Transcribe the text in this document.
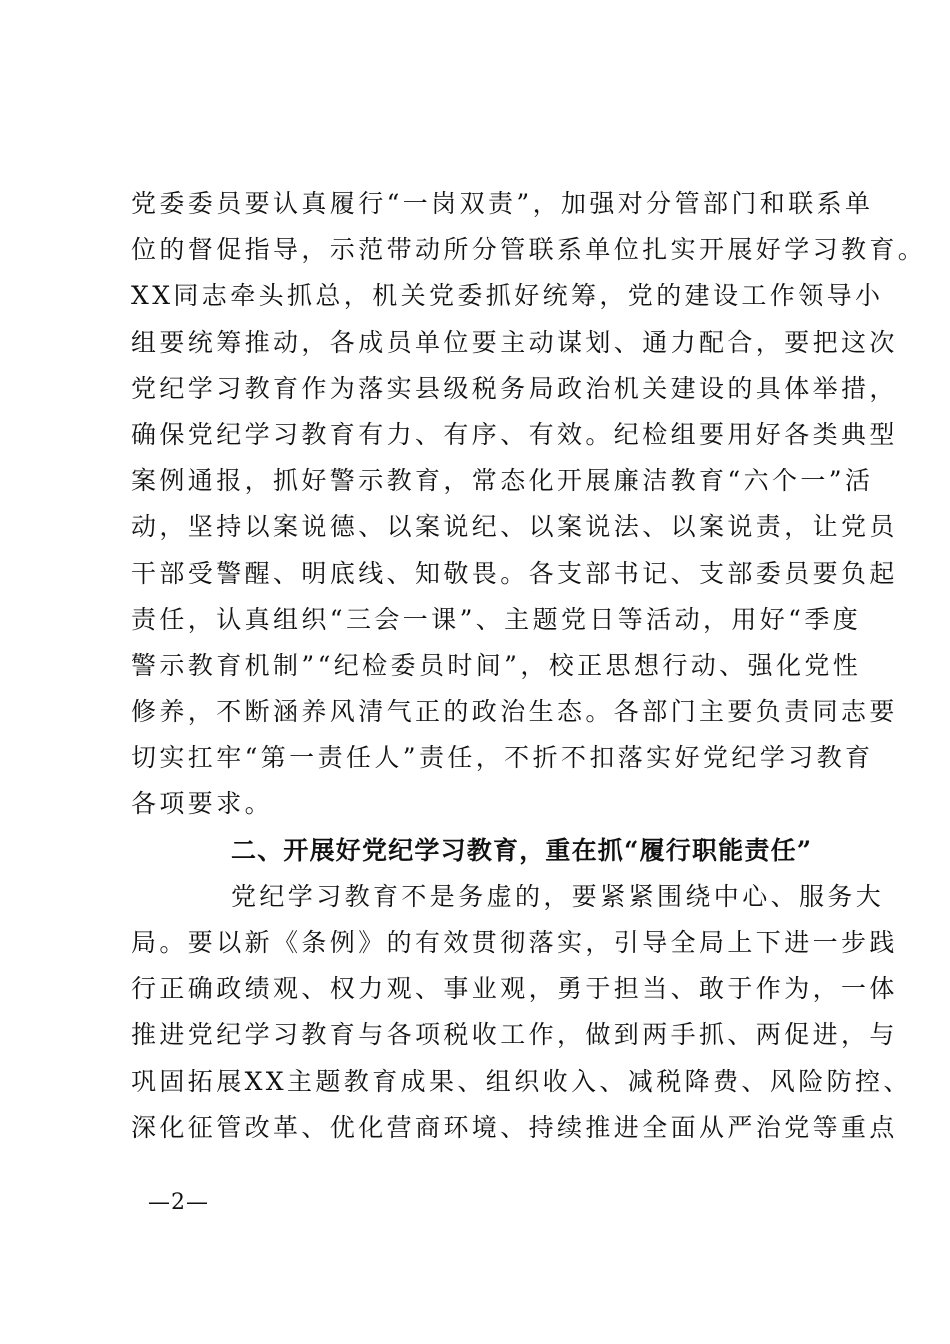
党委委员要认真履行“一岗双责”，加强对分管部门和联系单
位的督促指导，示范带动所分管联系单位扎实开展好学习教育。
XX同志牵头抓总，机关党委抓好统筹，党的建设工作领导小
组要统筹推动，各成员单位要主动谋划、通力配合，要把这次
党纪学习教育作为落实县级税务局政治机关建设的具体举措，
确保党纪学习教育有力、有序、有效。纪检组要用好各类典型
案例通报，抓好警示教育，常态化开展廉洁教育“六个一”活
动，坚持以案说德、以案说纪、以案说法、以案说责，让党员
干部受警醒、明底线、知敬畏。各支部书记、支部委员要负起
责任，认真组织“三会一课”、主题党日等活动，用好“季度
警示教育机制”“纪检委员时间”，校正思想行动、强化党性
修养，不断涵养风清气正的政治生态。各部门主要负责同志要
切实扛牢“第一责任人”责任，不折不扣落实好党纪学习教育
各项要求。
二、开展好党纪学习教育，重在抓“履行职能责任”
党纪学习教育不是务虚的，要紧紧围绕中心、服务大
局。要以新《条例》的有效贯彻落实，引导全局上下进一步践
行正确政绩观、权力观、事业观，勇于担当、敢于作为，一体
推进党纪学习教育与各项税收工作，做到两手抓、两促进，与
巩固拓展XX主题教育成果、组织收入、减税降费、风险防控、
深化征管改革、优化营商环境、持续推进全面从严治党等重点
—2—
